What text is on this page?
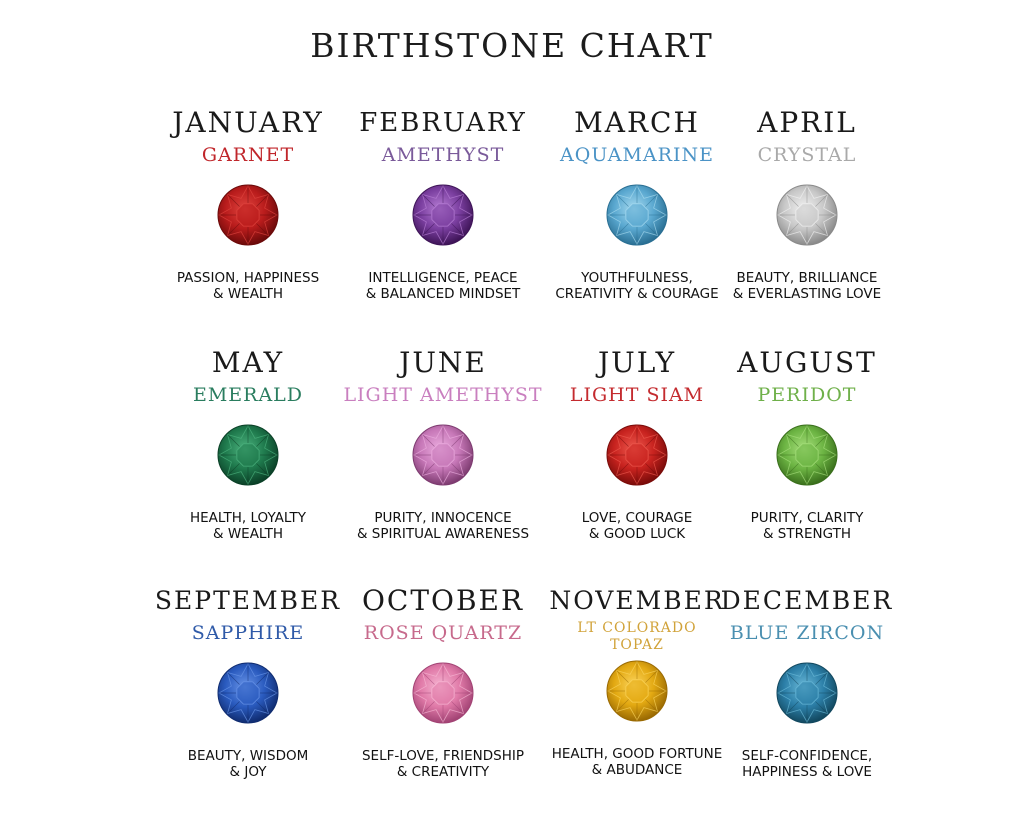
BIRTHSTONE CHART
JANUARY
GARNET
PASSION, HAPPINESS
& WEALTH
FEBRUARY
AMETHYST
INTELLIGENCE, PEACE
& BALANCED MINDSET
MARCH
AQUAMARINE
YOUTHFULNESS,
CREATIVITY & COURAGE
APRIL
CRYSTAL
BEAUTY, BRILLIANCE
& EVERLASTING LOVE
MAY
EMERALD
HEALTH, LOYALTY
& WEALTH
JUNE
LIGHT AMETHYST
PURITY, INNOCENCE
& SPIRITUAL AWARENESS
JULY
LIGHT SIAM
LOVE, COURAGE
& GOOD LUCK
AUGUST
PERIDOT
PURITY, CLARITY
& STRENGTH
SEPTEMBER
SAPPHIRE
BEAUTY, WISDOM
& JOY
OCTOBER
ROSE QUARTZ
SELF-LOVE, FRIENDSHIP
& CREATIVITY
NOVEMBER
LT COLORADO
TOPAZ
HEALTH, GOOD FORTUNE
& ABUDANCE
DECEMBER
BLUE ZIRCON
SELF-CONFIDENCE,
HAPPINESS & LOVE
